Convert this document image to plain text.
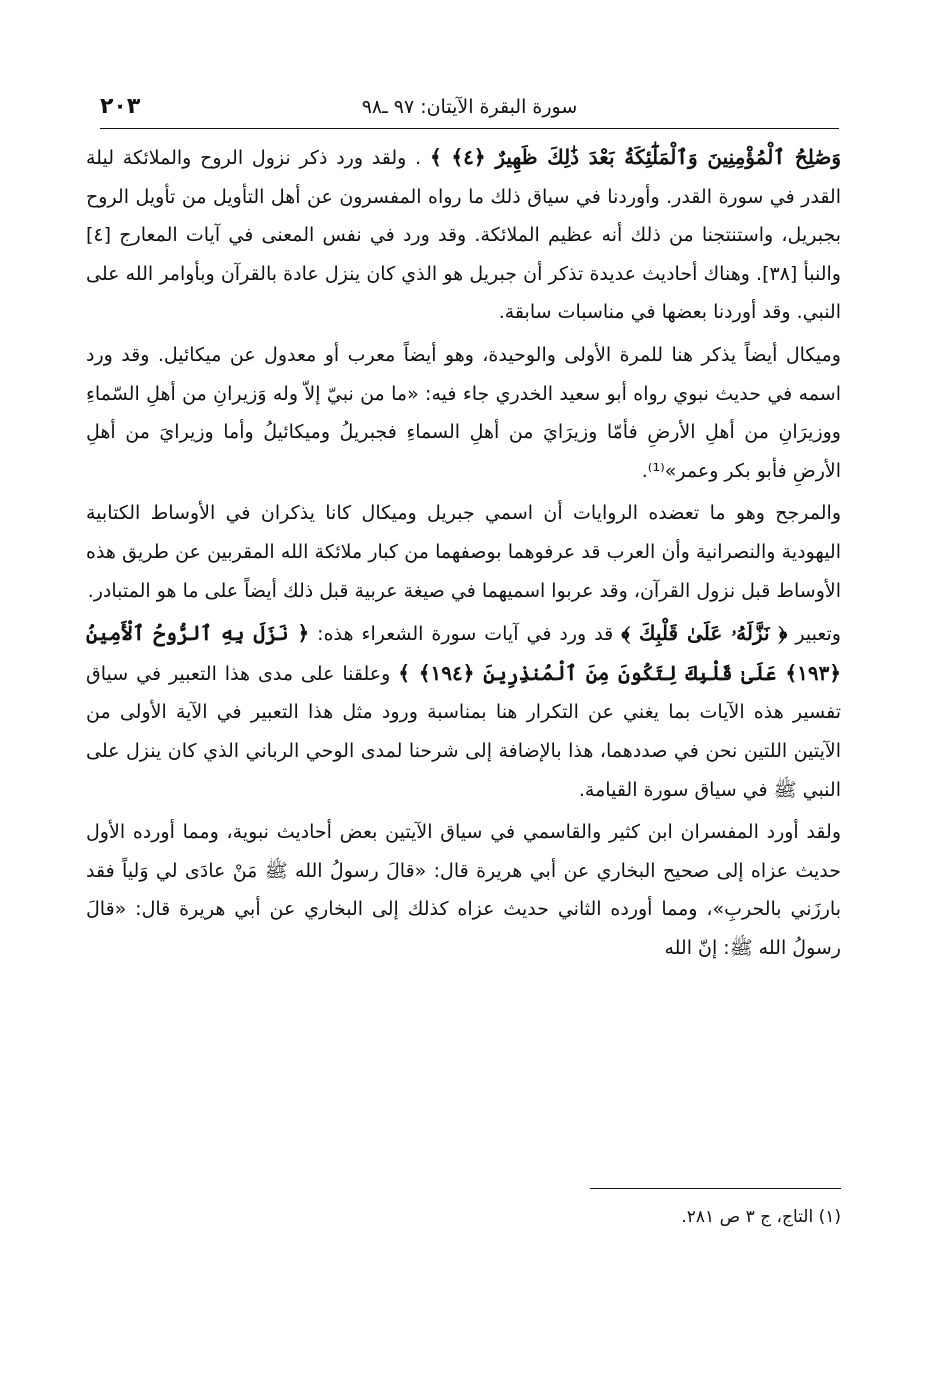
سورة البقرة الآيتان: ٩٧ ـ٩٨
٢٠٣

وَصَٰلِحُ ٱلْمُؤْمِنِينَ وَٱلْمَلَٰٓئِكَةُ بَعْدَ ذَٰلِكَ ظَهِيرٌ ﴿٤﴾ ﴾ . ولقد ورد ذكر نزول الروح والملائكة ليلة القدر في سورة القدر. وأوردنا في سياق ذلك ما رواه المفسرون عن أهل التأويل من تأويل الروح بجبريل، واستنتجنا من ذلك أنه عظيم الملائكة. وقد ورد في نفس المعنى في آيات المعارج [٤] والنبأ [٣٨]. وهناك أحاديث عديدة تذكر أن جبريل هو الذي كان ينزل عادة بالقرآن وبأوامر الله على النبي. وقد أوردنا بعضها في مناسبات سابقة.

وميكال أيضاً يذكر هنا للمرة الأولى والوحيدة، وهو أيضاً معرب أو معدول عن ميكائيل. وقد ورد اسمه في حديث نبوي رواه أبو سعيد الخدري جاء فيه: «ما من نبيّ إلاّ وله وَزيرانِ من أهلِ السّماءِ ووزيرَانِ من أهلِ الأرضِ فأمّا وزيرَايَ من أهلِ السماءِ فجبريلُ وميكائيلُ وأما وزيرايَ من أهلِ الأرضِ فأبو بكر وعمر»⁽¹⁾.

والمرجح وهو ما تعضده الروايات أن اسمي جبريل وميكال كانا يذكران في الأوساط الكتابية اليهودية والنصرانية وأن العرب قد عرفوهما بوصفهما من كبار ملائكة الله المقربين عن طريق هذه الأوساط قبل نزول القرآن، وقد عربوا اسميهما في صيغة عربية قبل ذلك أيضاً على ما هو المتبادر.

وتعبير ﴿ نَزَّلَهُۥ عَلَىٰ قَلْبِكَ ﴾ قد ورد في آيات سورة الشعراء هذه: ﴿ نَزَلَ بِهِ ٱلرُّوحُ ٱلْأَمِينُ ﴿١٩٣﴾ عَلَىٰ قَلْبِكَ لِتَكُونَ مِنَ ٱلْمُنذِرِينَ ﴿١٩٤﴾ ﴾ وعلقنا على مدى هذا التعبير في سياق تفسير هذه الآيات بما يغني عن التكرار هنا بمناسبة ورود مثل هذا التعبير في الآية الأولى من الآيتين اللتين نحن في صددهما، هذا بالإضافة إلى شرحنا لمدى الوحي الرباني الذي كان ينزل على النبي ﷺ في سياق سورة القيامة.

ولقد أورد المفسران ابن كثير والقاسمي في سياق الآيتين بعض أحاديث نبوية، ومما أورده الأول حديث عزاه إلى صحيح البخاري عن أبي هريرة قال: «قالَ رسولُ الله ﷺ مَنْ عادَى لي وَلياً فقد بارزَني بالحربِ»، ومما أورده الثاني حديث عزاه كذلك إلى البخاري عن أبي هريرة قال: «قالَ رسولُ الله ﷺ: إنّ الله

(١) التاج، ج ٣ ص ٢٨١.
